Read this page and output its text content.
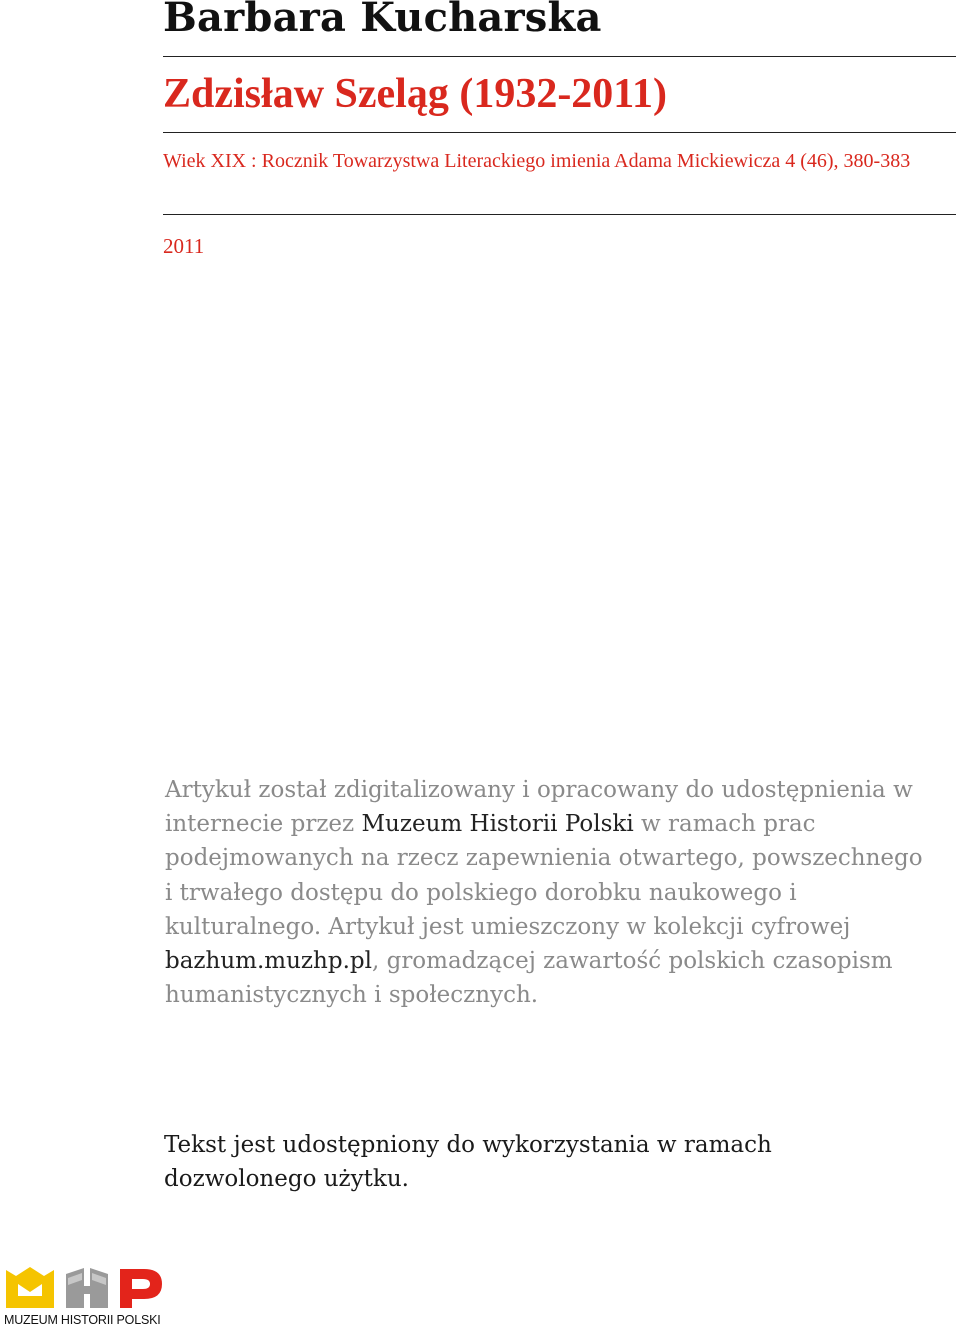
Barbara Kucharska
Zdzisław Szeląg (1932-2011)

Wiek XIX : Rocznik Towarzystwa Literackiego imienia Adama Mickiewicza 4 (46), 380-383

2011

Artykuł został zdigitalizowany i opracowany do udostępnienia w internecie przez Muzeum Historii Polski w ramach prac podejmowanych na rzecz zapewnienia otwartego, powszechnego i trwałego dostępu do polskiego dorobku naukowego i kulturalnego. Artykuł jest umieszczony w kolekcji cyfrowej bazhum.muzhp.pl, gromadzącej zawartość polskich czasopism humanistycznych i społecznych.

Tekst jest udostępniony do wykorzystania w ramach dozwolonego użytku.

MUZEUM HISTORII POLSKI
